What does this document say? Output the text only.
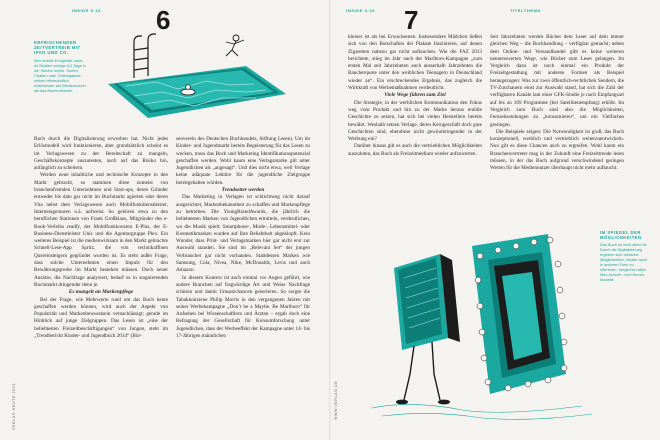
INSIDE 3·16 6
ERFRISCHENDER ZEITVERTREIB MIT IPAD UND CO.
Wer mobile Endgeräte nutzt, ist Studien zufolge 6,2 Tage in der Woche online. Surfen, Chatten oder Onlinegames: wirken offensichtlich erstehender auf Mediennutzer als das Büchersbesen.

Buch durch die Digitalisierung erworben hat. Nicht jedes Erlösmodell wird funktionieren, aber grundsätzlich scheint es im Verlagswesen zu der Bereitschaft zu mangeln, Geschäftskonzepte auszutesten, auch auf das Risiko hin, anfänglich zu scheitern.

Werden neue inhaltliche und technische Konzepte in den Markt gebracht, so stammen diese zumeist von branchenfremden Unternehmen und Start-ups, deren Gründer entweder bis dato gar nicht im Buchmarkt agierten oder deren Vita nebst dem Verlagswesen auch Mobilfunkdienstleister, Internetagenturen o.ä. aufweist. So gehören etwa zu den beruflichen Stationen von Frank Großklaus, Mitgründer des e-Book-Verleihs readfy, der Mobilfunkkonzern E-Plus, der E-Business-Dienstleister Unic und die Agenturgruppe Plex. Ein weiteres Beispiel ist die medienwirksam in den Markt gebrachte Schnell-Lese-App Spritz, die von technikaffinen Quereinsteigern gegründet worden ist. Es steht außer Frage, dass solche Unternehmen einen Impuls für den Bewährungsprobe im Markt bestehen müssen. Doch neuer Ansätze, die Nachfrage analysiert, bedarf es in stagnierenden Buchmarkt dringender denn je.

Es mangelt an Markenpflege

Bei der Frage, wie Mehrwerte rund um das Buch heute geschaffen werden können, wird auch der Aspekt von Popularität und Markenbewusstsein vernachlässigt; gerade im Hinblick auf junge Zielgruppen. Das Lesen ist „eine der beliebtesten Freizeitbeschäftigungen“ von Jungen, steht im „Trendbericht Kinder- und Jugendbuch 2014“ (Bör-

senverein des Deutschen Buchhandels, Stiftung Lesen). Um im Kinder- und Jugendmarkt bereits Begeisterung für das Lesen zu wecken, muss das Buch und Marketing Identifikationspotenzial geschaffen werden. Wohl kaum eine Verlagsmarke gilt unter Jugendlichen als „angesagt“. Und dies nicht etwa, weil Verlage keine adäquate Lektüre für die jugendliche Zielgruppe bereitgehalten würden.

Trendsetter werden

Das Marketing in Verlagen ist schlichtweg nicht darauf ausgerichtet, Markenbekanntheit zu schaffen und Markenpflege zu betreiben. Die YoungBrandAwards, die jährlich die beliebtesten Marken von Jugendlichen ermitteln, verdeutlichen, wo die Musik spielt: Smartphone-, Mode-, Lebensmittel- oder Kosmetikmarken wurden auf Ihre Beliebtheit abgeklopft. Kein Wunder, dass Print- und Verlagsmarken hier gar nicht erst zur Auswahl standen. Sie sind im „Relevant Set“ der jungen Verbraucher gar nicht vorhanden. Stattdessen Marken wie Samsung, Cola, Nivea, Nike, McDonalds, Levis und auch Amazon.

In diesem Kontext ist auch einmal vor Augen geführt, wie andere Branchen auf fragwürdige Art und Weise Nachfrage schüren und damit Umsatzchancen generieren. So sorgte die Tabakkonzerne Philip Morris in den vergangenen Jahren mit seiner Werbekampagne „Don’t be a Maybe. Be Marlboro“ für Aufsehen bei Wissenschaftlern und Ärzten – ergab doch eine Befragung der Gesellschaft für Konsumforschung unter Jugendlichen, dass der Werbeeffekt der Kampagne unter 14- bis 17-Jährigen männlichen

VERLAG HEUTE 2016
INSIDE 3·16	TITELTHEMA
7

kleiner ist als bei Erwachsenen. Insbesondere Mädchen ließen sich von den Botschaften der Plakate faszinieren, auf denen Zigaretten nahezu gar nicht auftauchen. Wie die FAZ 2013 berichtete, stieg im Jahr nach der Marlboro-Kampagne „zum ersten Mal seit Jahrzehnten auch ausserhalb Jahrzehnten die Raucherquote unter den weiblichen Teenagern in Deutschland wieder an“. Ein erschreckendes Ergebnis, das zugleich die Wirkkraft von Werbemaßnahmen verdeutlicht.

Viele Wege führen zum Ziel

Die Strategie, in der werblichen Kommunikation den Fokus weg vom Produkt und hin zu der Marke heraus reuhlle Geschichte zu setzen, hat sich bei vielen Herstellern bereits bewährt. Weshalb setzen Verlage, deren Kerngeschäft doch gute Geschichten sind, ebendiese nicht gewinnbringender in der Werbung ein?

Darüber hinaus gilt es auch die vertrieblichen Möglichkeiten auszuloten, das Buch als Freizeitmedium wieder aufzuwerten.

Seit Jahrzehnten werden Bücher dem Leser auf dem immer gleichen Weg – die Buchhandlung – verfügbar gemacht; neben dem Online- und Versandhandel gibt es keine weiteren nennenswerten Wege, wie Bücher zum Leser gelangen. Im Vergleich dazu ist noch einmal ein Produkt der Freizeitgestaltung mit anderen Formen als Beispiel herangezogen: Was zur zwei öffentlich-rechtlichen Sendern, die TV-Zuschauern einst zur Auswahl stand, hat sich die Zahl der verfügbaren Kanäle laut einer GFK-Studie je nach Empfangsart auf bis zu 109 Programme (bei Satellitenempfang) erhöht. Im Vergleich zum Buch sind also die Möglichkeiten, Fernsehsendungen zu „konsumieren“, um ein Vielfaches gestiegen.

Die Beispiele zeigen: Die Notwendigkeit ist groß, das Buch konzeptionell, werblich und vertrieblich weiterzuentwickeln. Nun gilt es diese Chancen auch zu ergreifen. Wohl kaum ein Branchenvertreter mag in der Zukunft eine Freizeittrende lesen müssen, in der das Buch aufgrund verschwindend geringen Werten für die Mediennutzer überhaupt nicht mehr auftaucht.

IM SPIEGEL DER MÖGLICHKEITEN
Das Buch ist nicht allein ist. Durch die Digitalisierung ergeben sich vielfache Möglichkeiten, Inhalte auch in anderen Form zu offerieren. Verglichen allen Mini-Ansicht- und Hernen-Modelle.
WWW.VERLAG.DE
